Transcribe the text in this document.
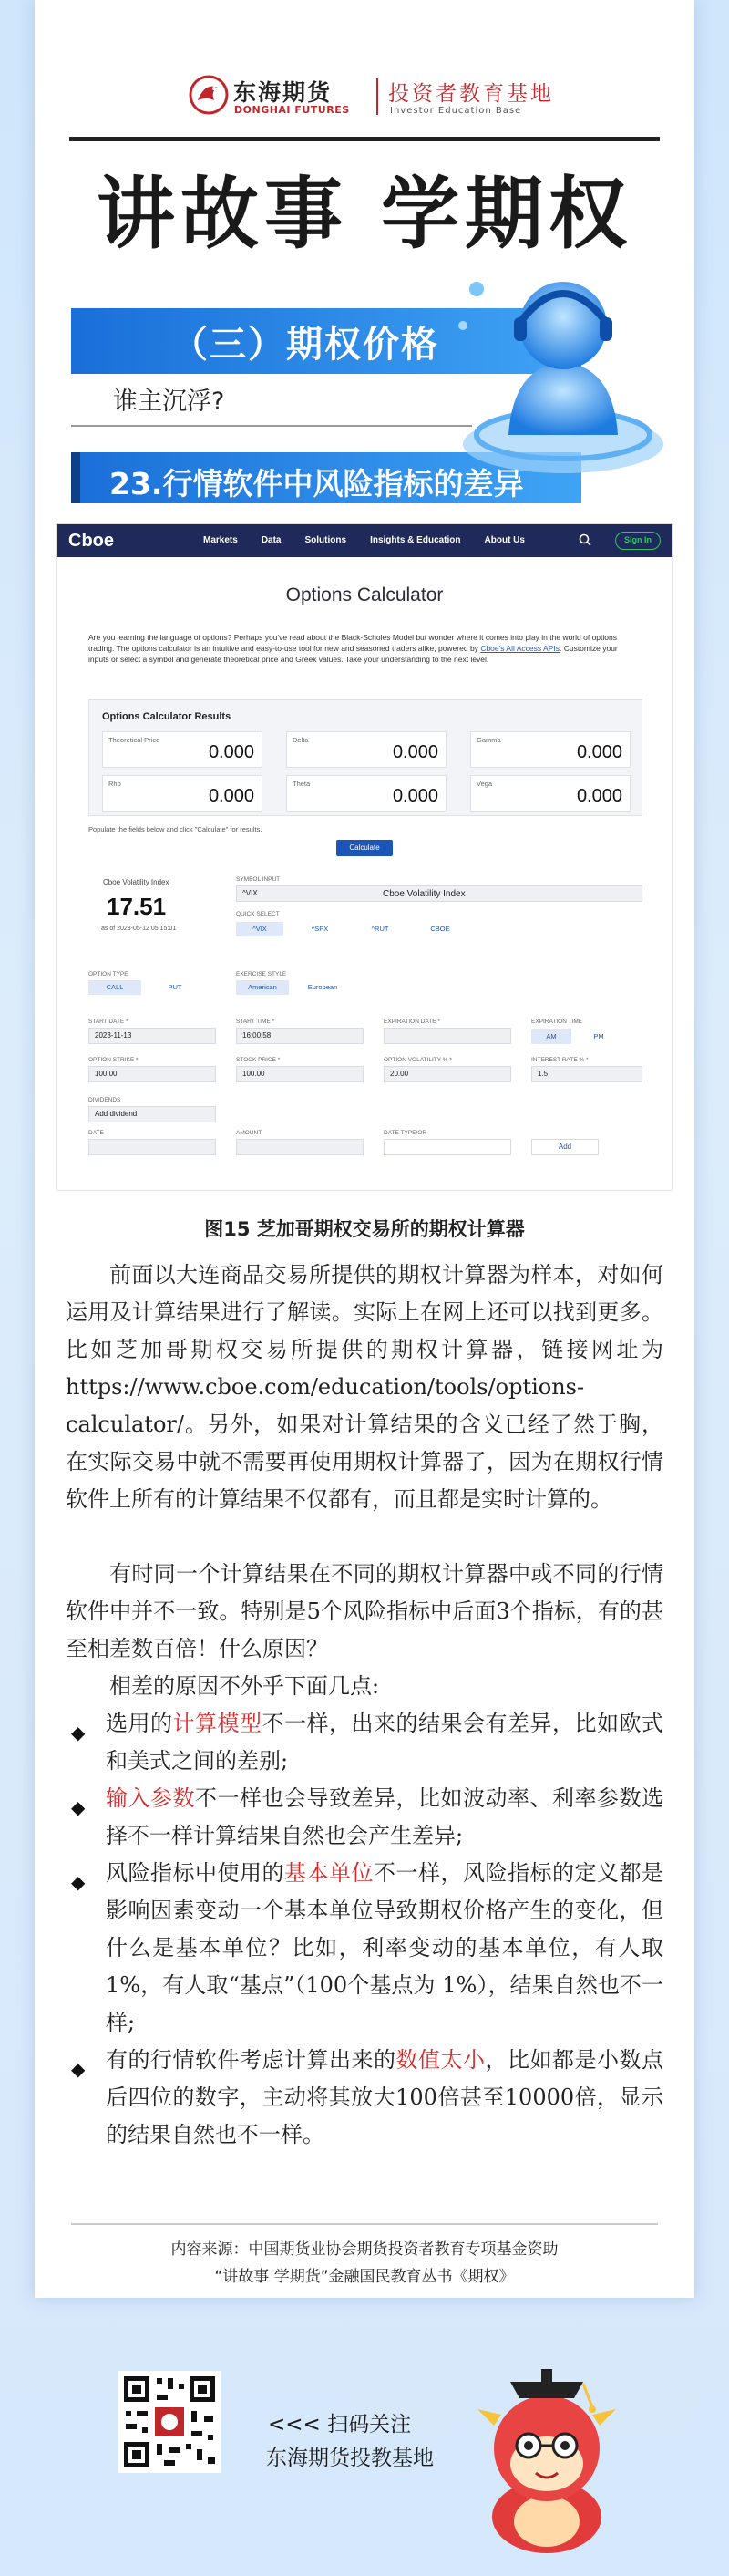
东海期货
DONGHAI FUTURES
投资者教育基地
Investor Education Base
讲故事 学期权
（三）期权价格
谁主沉浮?
23.行情软件中风险指标的差异
Cboe	Markets	Data	Solutions	Insights & Education	About Us	Sign In
Options Calculator
Are you learning the language of options? Perhaps you've read about the Black-Scholes Model but wonder where it comes into play in the world of options trading. The options calculator is an intuitive and easy-to-use tool for new and seasoned traders alike, powered by Cboe's All Access APIs. Customize your inputs or select a symbol and generate theoretical price and Greek values. Take your understanding to the next level.
Options Calculator Results
Theoretical Price
0.000
Delta
0.000
Gamma
0.000
Rho
0.000
Theta
0.000
Vega
0.000
Populate the fields below and click "Calculate" for results.
Calculate
Cboe Volatility Index
17.51
as of 2023-05-12 05:15:01
SYMBOL INPUT
^VIX	Cboe Volatility Index
QUICK SELECT
^VIX	^SPX	^RUT	CBOE
OPTION TYPE
CALL	PUT
EXERCISE STYLE
American	European
START DATE *
2023-11-13
START TIME *
16:00:58
EXPIRATION DATE *	EXPIRATION TIME
AM	PM
OPTION STRIKE *
100.00
STOCK PRICE *
100.00
OPTION VOLATILITY % *
20.00
INTEREST RATE % *
1.5
DIVIDENDS
Add dividend
DATE	AMOUNT	DATE TYPE/OR
Add
图15 芝加哥期权交易所的期权计算器
前面以大连商品交易所提供的期权计算器为样本，对如何运用及计算结果进行了解读。实际上在网上还可以找到更多。比如芝加哥期权交易所提供的期权计算器，链接网址为https://www.cboe.com/education/tools/options-calculator/。另外，如果对计算结果的含义已经了然于胸，在实际交易中就不需要再使用期权计算器了，因为在期权行情软件上所有的计算结果不仅都有，而且都是实时计算的。
有时同一个计算结果在不同的期权计算器中或不同的行情软件中并不一致。特别是5个风险指标中后面3个指标，有的甚至相差数百倍！什么原因？
相差的原因不外乎下面几点:
◆ 选用的计算模型不一样，出来的结果会有差异，比如欧式和美式之间的差别;
◆ 输入参数不一样也会导致差异，比如波动率、利率参数选择不一样计算结果自然也会产生差异;
◆ 风险指标中使用的基本单位不一样，风险指标的定义都是影响因素变动一个基本单位导致期权价格产生的变化，但什么是基本单位？比如，利率变动的基本单位，有人取1%，有人取“基点”（100个基点为 1%），结果自然也不一样;
◆ 有的行情软件考虑计算出来的数值太小，比如都是小数点后四位的数字，主动将其放大100倍甚至10000倍，显示的结果自然也不一样。
内容来源：中国期货业协会期货投资者教育专项基金资助
“讲故事 学期货”金融国民教育丛书《期权》
<<< 扫码关注
东海期货投教基地
